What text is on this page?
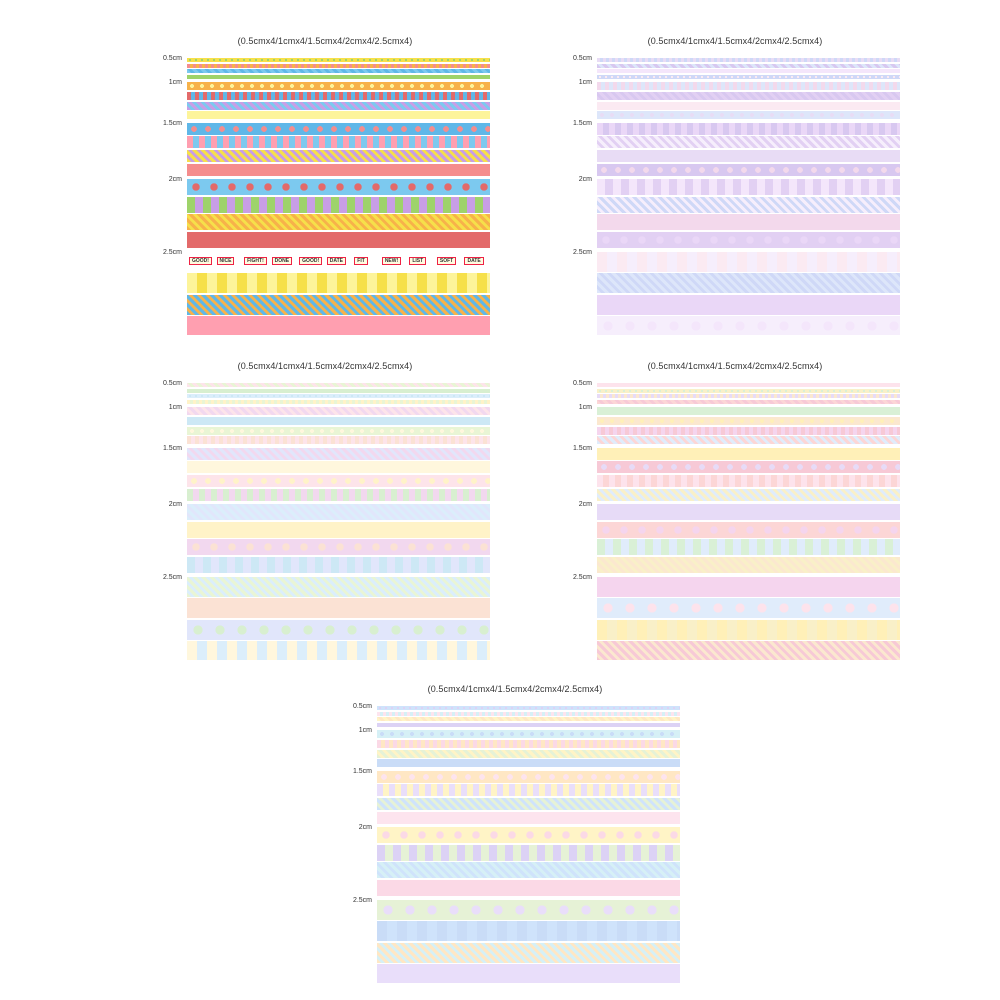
(0.5cmx4/1cmx4/1.5cmx4/2cmx4/2.5cmx4)
GOOD!	NICE	FIGHT!	DONE	GOOD!	DATE	FIT	NEW!	LIST	SOFT	DATE
0.5cm
1cm
1.5cm
2cm
2.5cm
(0.5cmx4/1cmx4/1.5cmx4/2cmx4/2.5cmx4)
0.5cm
1cm
1.5cm
2cm
2.5cm
(0.5cmx4/1cmx4/1.5cmx4/2cmx4/2.5cmx4)
0.5cm
1cm
1.5cm
2cm
2.5cm
(0.5cmx4/1cmx4/1.5cmx4/2cmx4/2.5cmx4)
0.5cm
1cm
1.5cm
2cm
2.5cm
(0.5cmx4/1cmx4/1.5cmx4/2cmx4/2.5cmx4)
0.5cm
1cm
1.5cm
2cm
2.5cm
